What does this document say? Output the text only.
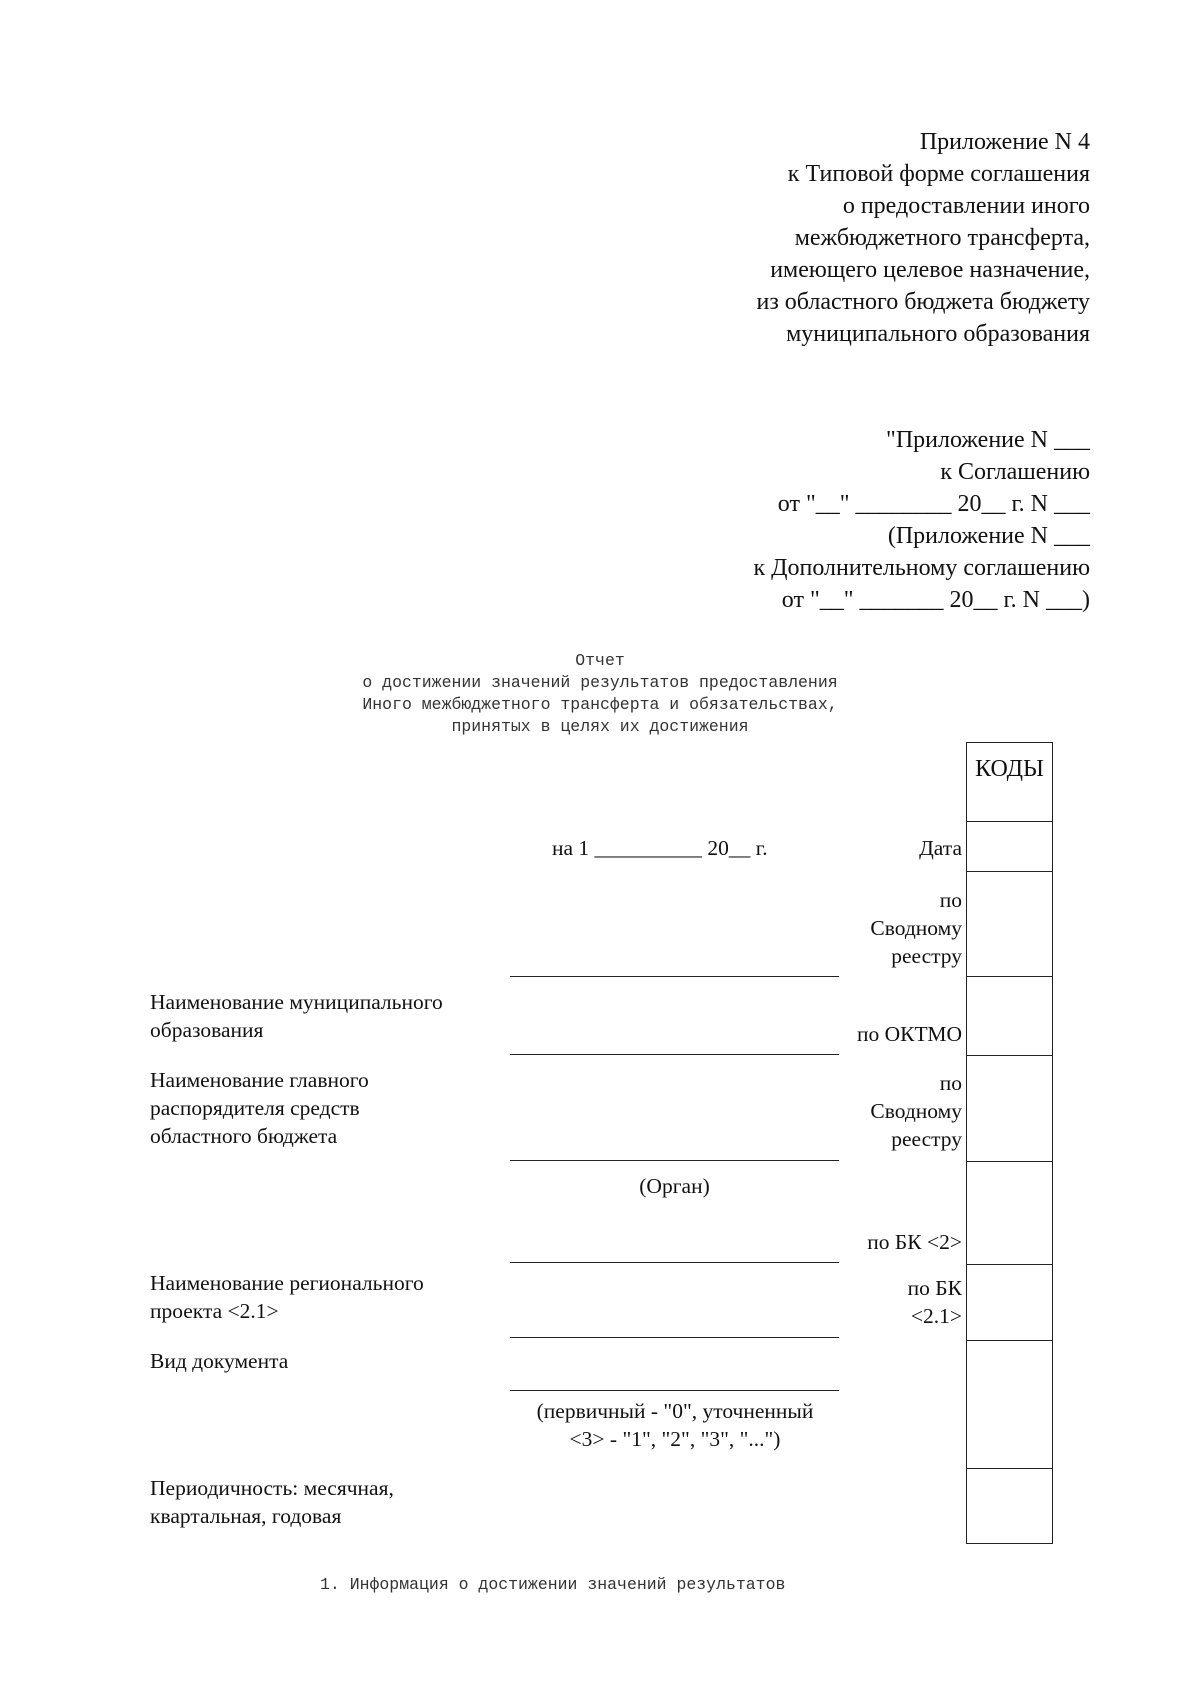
Приложение N 4
к Типовой форме соглашения
о предоставлении иного
межбюджетного трансферта,
имеющего целевое назначение,
из областного бюджета бюджету
муниципального образования
"Приложение N ___
к Соглашению
от "__" ________ 20__ г. N ___
(Приложение N ___
к Дополнительному соглашению
от "__" _______ 20__ г. N ___)
Отчет
о достижении значений результатов предоставления
Иного межбюджетного трансферта и обязательствах,
принятых в целях их достижения
КОДЫ
на 1 __________ 20__ г.	Дата
по
Сводному
реестру
по ОКТМО
по
Сводному
реестру
по БК <2>
по БК
<2.1>
Наименование муниципального
образования
Наименование главного
распорядителя средств
областного бюджета
(Орган)
Наименование регионального
проекта <2.1>
Вид документа
(первичный - "0", уточненный
<3> - "1", "2", "3", "...")
Периодичность: месячная,
квартальная, годовая
1. Информация о достижении значений результатов
